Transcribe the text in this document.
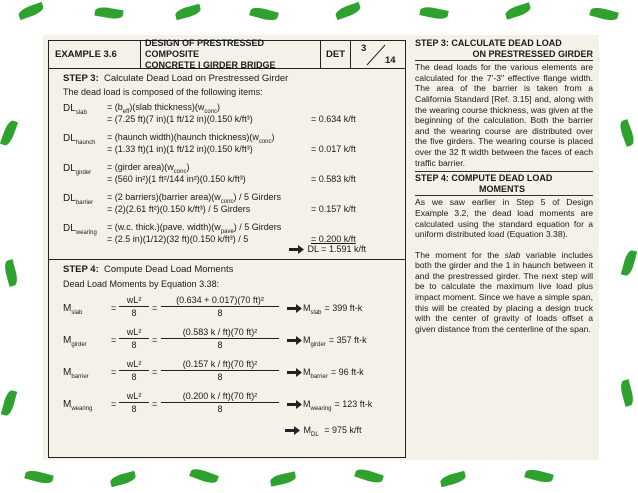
EXAMPLE 3.6
DESIGN OF PRESTRESSED COMPOSITE
CONCRETE I GIRDER BRIDGE
DET
3
14
STEP 3: Calculate Dead Load on Prestressed Girder
The dead load is composed of the following items:
$DL_{slab}$
= $(b_{eff})(slab$ $thickness)(w_{conc})$
= (7.25 ft)(7 in)(1 ft/12 in)(0.150 k/ft³)	= 0.634 k/ft
$DL_{haunch}$
= (haunch width)(haunch $thickness)(w_{conc})$
= (1.33 ft)(1 in)(1 ft/12 in)(0.150 k/ft³)	= 0.017 k/ft
$DL_{girder}$
= (girder $area)(w_{conc})$
= (560 in²)(1 ft²/144 in²)(0.150 k/ft³)	= 0.583 k/ft
$DL_{barrier}$
= (2 barriers)(barrier $area)(w_{conc}) / 5$ Girders
= (2)(2.61 ft²)(0.150 k/ft³) / 5 Girders	= 0.157 k/ft
$DL_{wearing}$
= (w.c. thick.)(pave. $width)(w_{pave}) / 5$ Girders
= (2.5 in)(1/12)(32 ft)(0.150 k/ft³) / 5	= 0.200 k/ft
DL = 1.591 k/ft
STEP 4: Compute Dead Load Moments
Dead Load Moments by Equation 3.38:
$M_{slab}$	=
wL²
8	=
(0.634 + 0.017)(70 ft)²
8	$M_{slab} = 399$ ft-k
$M_{girder}$	=
wL²
8	=
(0.583 k / ft)(70 ft)²
8	$M_{girder} = 357$ ft-k
$M_{barrier}$ =
wL²
8	=
(0.157 k / ft)(70 ft)²
8	$M_{barrier} = 96$ ft-k
$M_{wearing}$ =
wL²
8	=
(0.200 k / ft)(70 ft)²
8	$M_{wearing} = 123$ ft-k
$M_{DL} = 975$ k/ft
STEP 3: CALCULATE DEAD LOAD
ON PRESTRESSED GIRDER

The dead loads for the various elements are calculated for the 7'-3" effective flange width. The area of the barrier is taken from a California Standard [Ref. 3.15] and, along with the wearing course thickness, was given at the beginning of the calculation. Both the barrier and the wearing course are distributed over the five girders. The wearing course is placed over the 32 ft width between the faces of each traffic barrier.

STEP 4: COMPUTE DEAD LOAD
MOMENTS

As we saw earlier in Step 5 of Design Example 3.2, the dead load moments are calculated using the standard equation for a uniform distributed load (Equation 3.38).

The moment for the slab variable includes both the girder and the 1 in haunch between it and the prestressed girder. The next step will be to calculate the maximum live load plus impact moment. Since we have a simple span, this will be created by placing a design truck with the center of gravity of loads offset a given distance from the centerline of the span.
